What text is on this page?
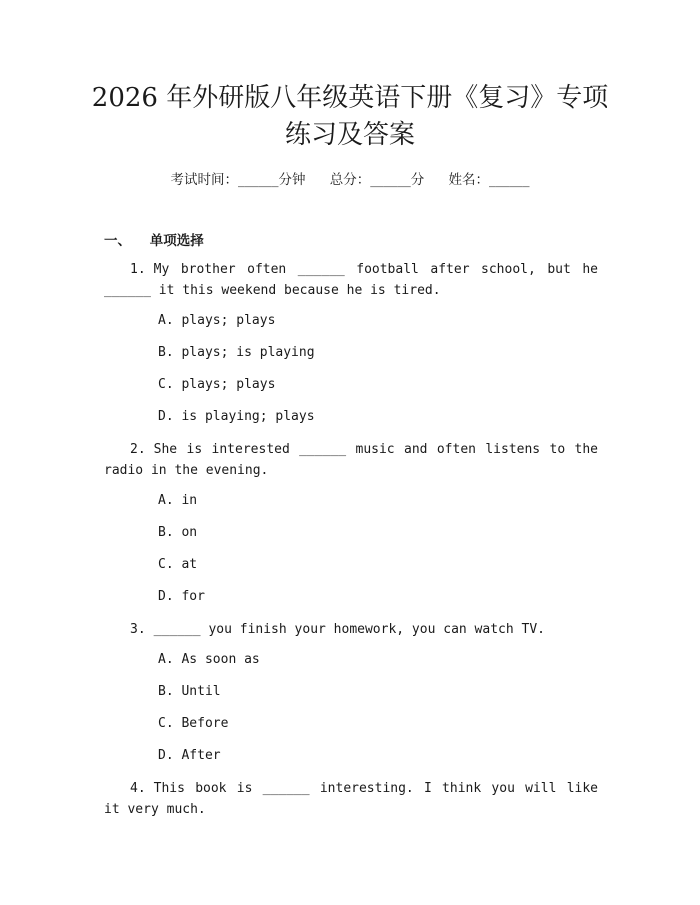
2026 年外研版八年级英语下册《复习》专项
练习及答案
考试时间：______分钟 总分：______分 姓名：______
一、 单项选择

1. My brother often ______ football after school, but he ______ it this weekend because he is tired.

A. plays; plays
B. plays; is playing
C. plays; plays
D. is playing; plays

2. She is interested ______ music and often listens to the radio in the evening.

A. in
B. on
C. at
D. for

3. ______ you finish your homework, you can watch TV.

A. As soon as
B. Until
C. Before
D. After

4. This book is ______ interesting. I think you will like it very much.
